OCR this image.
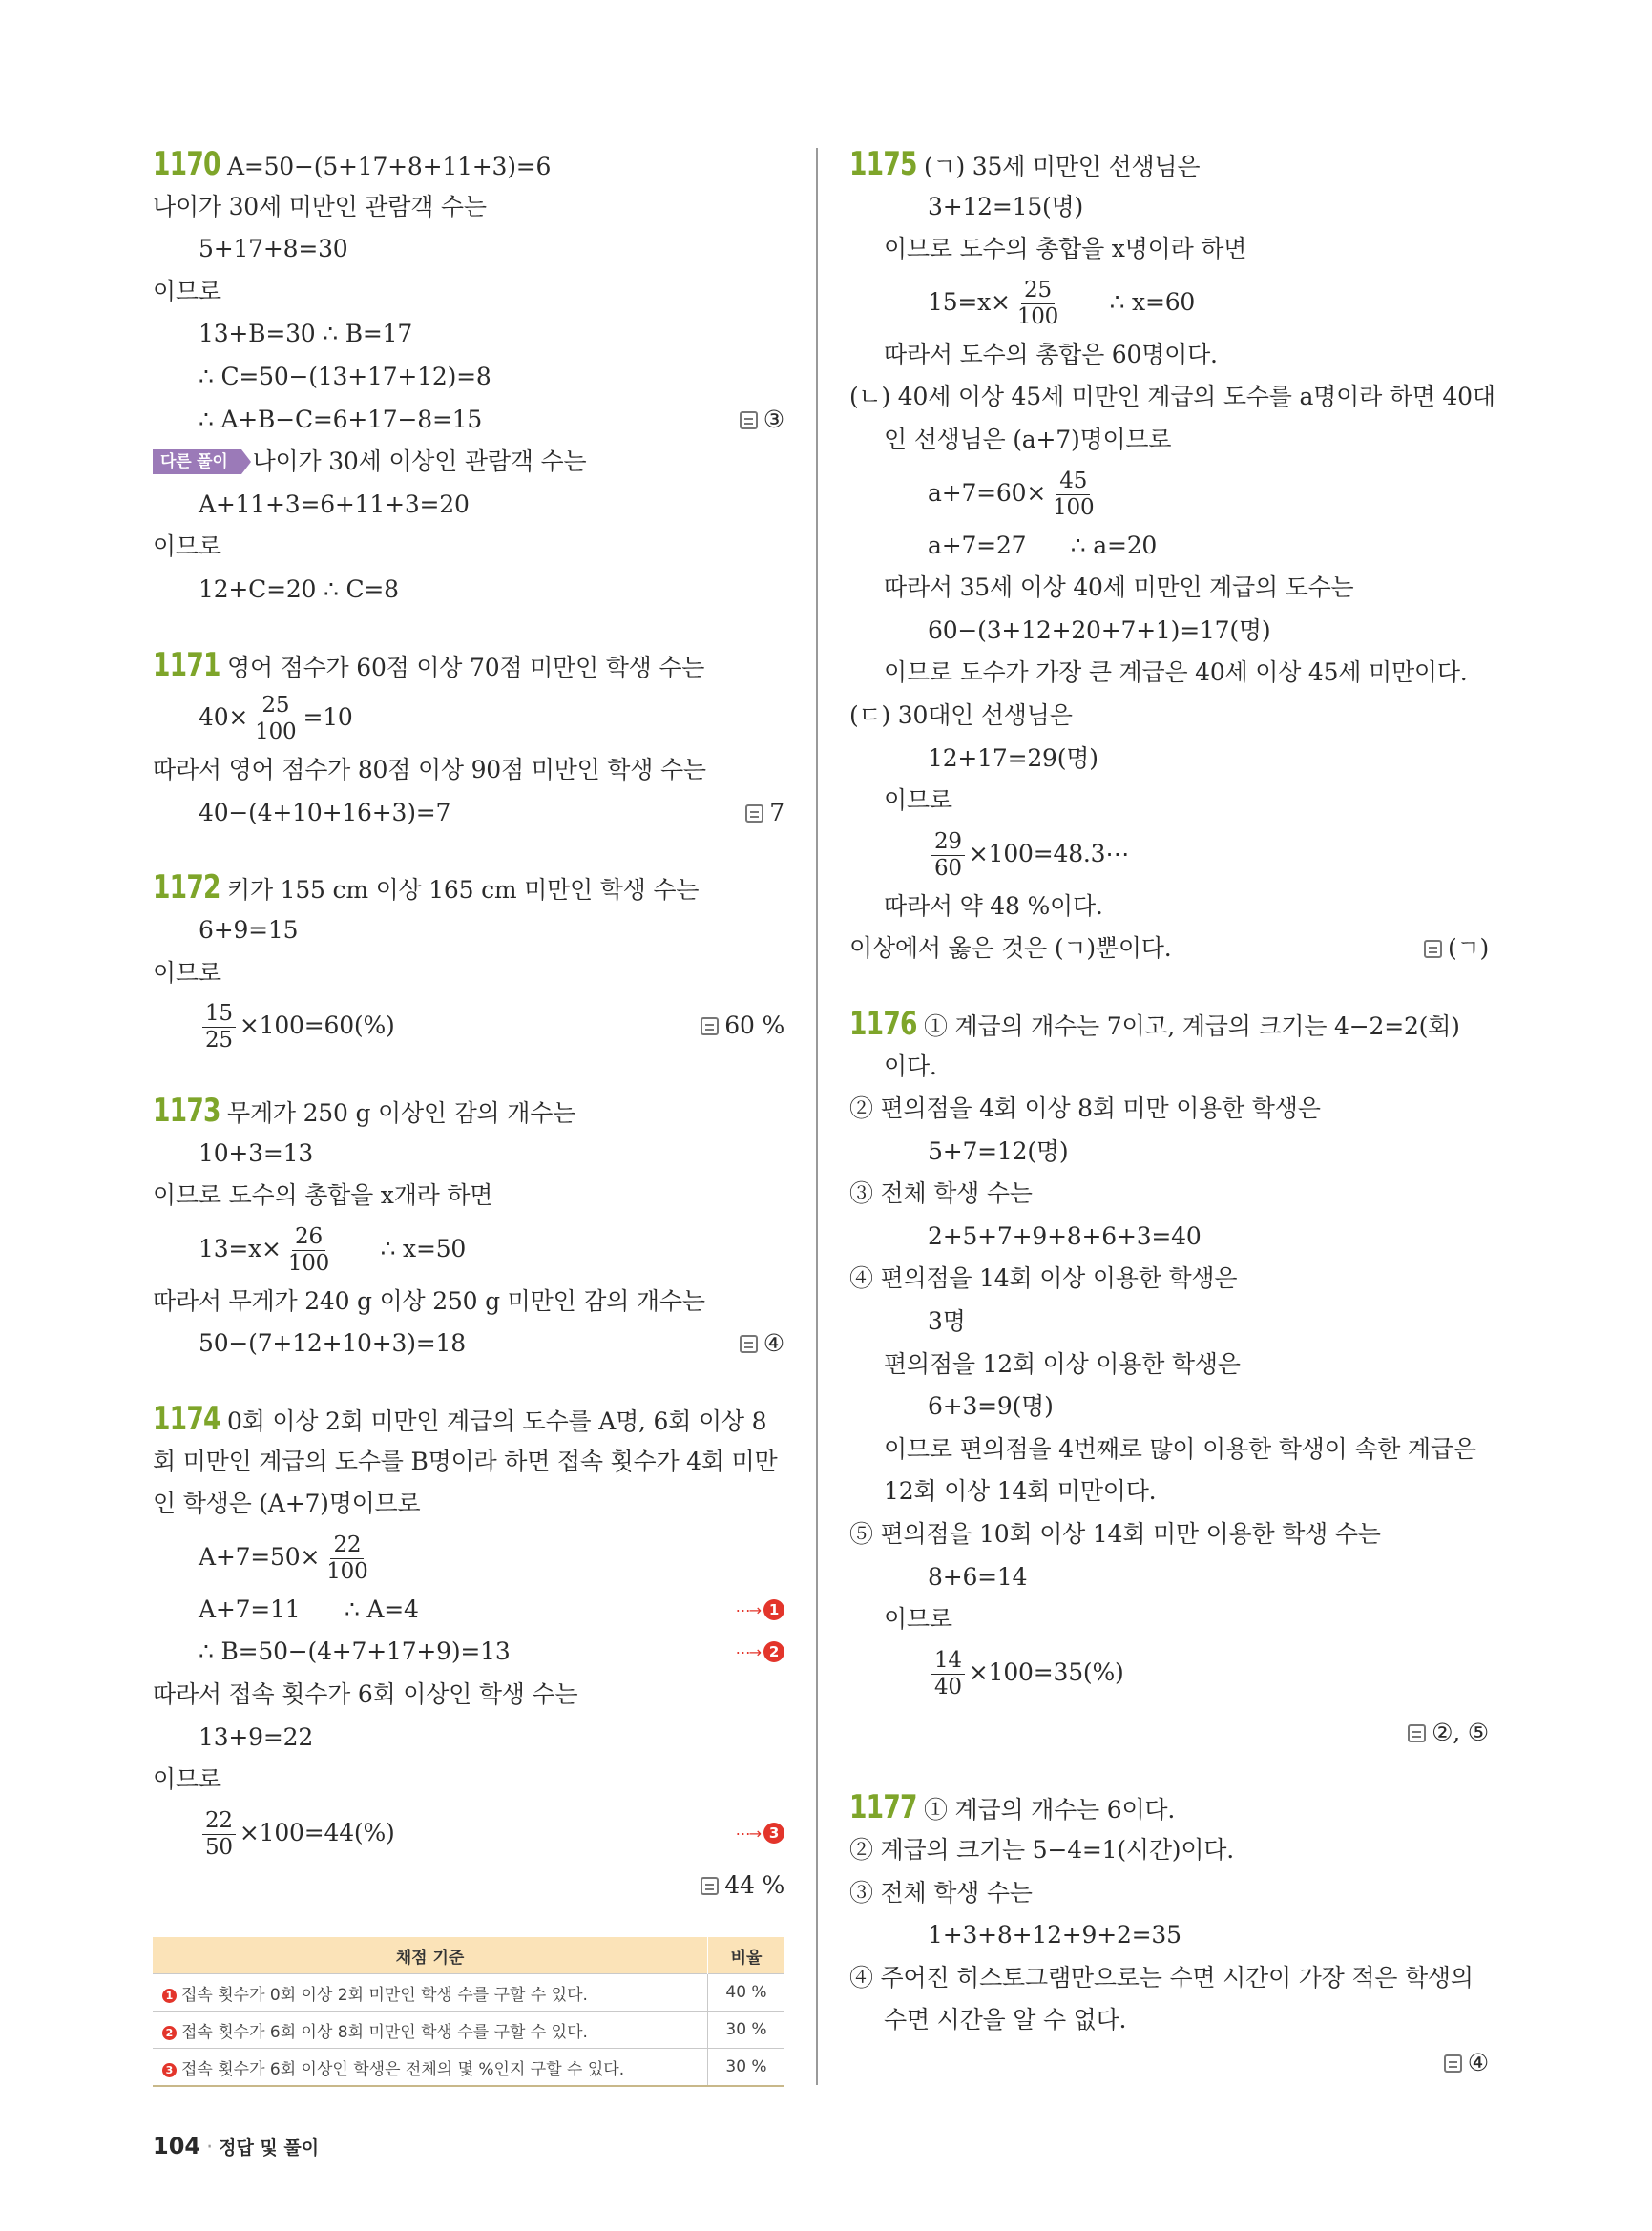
1170 A=50−(5+17+8+11+3)=6
나이가 30세 미만인 관람객 수는
5+17+8=30
이므로
13+B=30 ∴ B=17
∴ C=50−(13+17+12)=8
∴ A+B−C=6+17−8=15	③
다른 풀이 나이가 30세 이상인 관람객 수는
A+11+3=6+11+3=20
이므로
12+C=20 ∴ C=8
1171 영어 점수가 60점 이상 70점 미만인 학생 수는
$40\times \frac{25}{100} =10$
따라서 영어 점수가 80점 이상 90점 미만인 학생 수는
40−(4+10+16+3)=7	7
1172 키가 155 cm 이상 165 cm 미만인 학생 수는
6+9=15
이므로
$\frac{15}{25} \times 100=60(\%)$	60 %
1173 무게가 250 g 이상인 감의 개수는
10+3=13
이므로 도수의 총합을 x개라 하면
$13=x\times \frac{26}{100}$ ∴ x=50
따라서 무게가 240 g 이상 250 g 미만인 감의 개수는
50−(7+12+10+3)=18	④
1174 0회 이상 2회 미만인 계급의 도수를 A명, 6회 이상 8
회 미만인 계급의 도수를 B명이라 하면 접속 횟수가 4회 미만
인 학생은 (A+7)명이므로
$A+7=50\times \frac{22}{100}$
A+7=11      ∴ A=4	⋯→ 1
∴ B=50−(4+7+17+9)=13	⋯→ 2
따라서 접속 횟수가 6회 이상인 학생 수는
13+9=22
이므로
$\frac{22}{50} \times 100=44(\%)$	⋯→ 3
44 %
채점 기준	비율
1 접속 횟수가 0회 이상 2회 미만인 학생 수를 구할 수 있다.	40 %
2 접속 횟수가 6회 이상 8회 미만인 학생 수를 구할 수 있다.	30 %
3 접속 횟수가 6회 이상인 학생은 전체의 몇 %인지 구할 수 있다.	30 %
1175 (ㄱ) 35세 미만인 선생님은
3+12=15(명)
이므로 도수의 총합을 x명이라 하면
$15=x\times \frac{25}{100}$ ∴ x=60
따라서 도수의 총합은 60명이다.
(ㄴ) 40세 이상 45세 미만인 계급의 도수를 a명이라 하면 40대
인 선생님은 (a+7)명이므로
$a+7=60\times \frac{45}{100}$
a+7=27      ∴ a=20
따라서 35세 이상 40세 미만인 계급의 도수는
60−(3+12+20+7+1)=17(명)
이므로 도수가 가장 큰 계급은 40세 이상 45세 미만이다.
(ㄷ) 30대인 선생님은
12+17=29(명)
이므로
$\frac{29}{60}$ ×100=48.3⋯
따라서 약 48 %이다.
이상에서 옳은 것은 (ㄱ)뿐이다.	(ㄱ)
1176 ① 계급의 개수는 7이고, 계급의 크기는 4−2=2(회)
이다.
② 편의점을 4회 이상 8회 미만 이용한 학생은
5+7=12(명)
③ 전체 학생 수는
2+5+7+9+8+6+3=40
④ 편의점을 14회 이상 이용한 학생은
3명
편의점을 12회 이상 이용한 학생은
6+3=9(명)
이므로 편의점을 4번째로 많이 이용한 학생이 속한 계급은
12회 이상 14회 미만이다.
⑤ 편의점을 10회 이상 14회 미만 이용한 학생 수는
8+6=14
이므로
$\frac{14}{40} \times 100=35(\%)$
②, ⑤
1177 ① 계급의 개수는 6이다.
② 계급의 크기는 5−4=1(시간)이다.
③ 전체 학생 수는
1+3+8+12+9+2=35
④ 주어진 히스토그램만으로는 수면 시간이 가장 적은 학생의
수면 시간을 알 수 없다.
④
104 · 정답 및 풀이
